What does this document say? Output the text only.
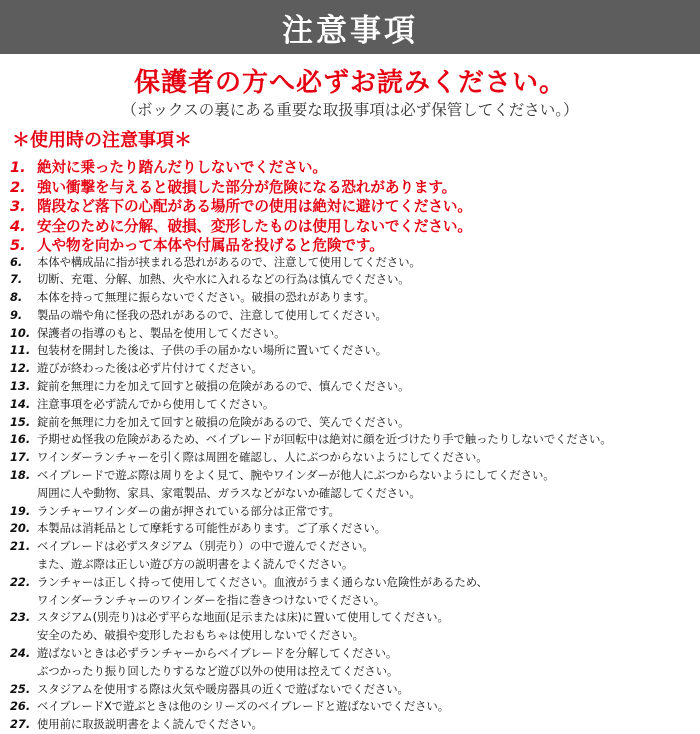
注意事項
保護者の方へ必ずお読みください。
（ボックスの裏にある重要な取扱事項は必ず保管してください。）
＊使用時の注意事項＊
1. 絶対に乗ったり踏んだりしないでください。
2. 強い衝撃を与えると破損した部分が危険になる恐れがあります。
3. 階段など落下の心配がある場所での使用は絶対に避けてください。
4. 安全のために分解、破損、変形したものは使用しないでください。
5. 人や物を向かって本体や付属品を投げると危険です。
6.	本体や構成品に指が挟まれる恐れがあるので、注意して使用してください。
7.	切断、充電、分解、加熱、火や水に入れるなどの行為は慎んでください。
8.	本体を持って無理に振らないでください。破損の恐れがあります。
9.	製品の端や角に怪我の恐れがあるので、注意して使用してください。
10. 保護者の指導のもと、製品を使用してください。
11. 包装材を開封した後は、子供の手の届かない場所に置いてください。
12. 遊びが終わった後は必ず片付けてください。
13. 錠前を無理に力を加えて回すと破損の危険があるので、慎んでください。
14. 注意事項を必ず読んでから使用してください。
15. 錠前を無理に力を加えて回すと破損の危険があるので、笑んでください。
16. 予期せぬ怪我の危険があるため、ベイブレードが回転中は絶対に顔を近づけたり手で触ったりしないでください。
17. ワインダーランチャーを引く際は周囲を確認し、人にぶつからないようにしてください。
18. ベイブレードで遊ぶ際は周りをよく見て、腕やワインダーが他人にぶつからないようにしてください。
周囲に人や動物、家具、家電製品、ガラスなどがないか確認してください。
19. ランチャーワインダーの歯が押されている部分は正常です。
20. 本製品は消耗品として摩耗する可能性があります。ご了承ください。
21. ベイブレードは必ずスタジアム（別売り）の中で遊んでください。
また、遊ぶ際は正しい遊び方の説明書をよく読んでください。
22. ランチャーは正しく持って使用してください。血液がうまく通らない危険性があるため、
ワインダーランチャーのワインダーを指に巻きつけないでください。
23. スタジアム(別売り)は必ず平らな地面(足示または床)に置いて使用してください。
安全のため、破損や変形したおもちゃは使用しないでください。
24. 遊ばないときは必ずランチャーからベイブレードを分解してください。
ぶつかったり振り回したりするなど遊び以外の使用は控えてください。
25. スタジアムを使用する際は火気や暖房器具の近くで遊ばないでください。
26. ベイブレードXで遊ぶときは他のシリーズのベイブレードと遊ばないでください。
27. 使用前に取扱説明書をよく読んでください。
